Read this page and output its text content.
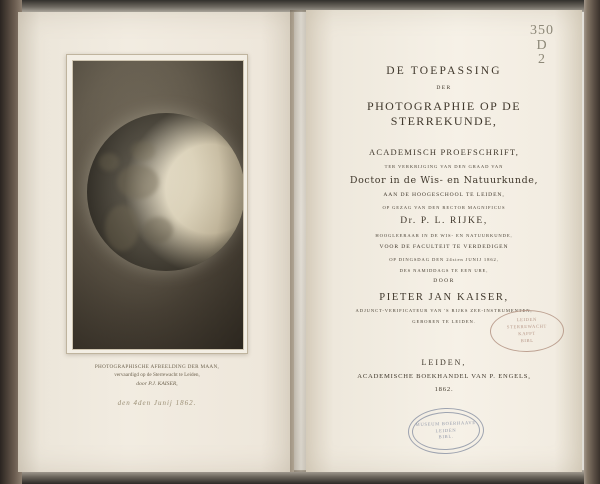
PHOTOGRAPHISCHE AFBEELDING DER MAAN,
vervaardigd op de Sterrewacht te Leiden,
door P.J. KAISER,
den 4den Junij 1862.
350
D
2
DE TOEPASSING
DER
PHOTOGRAPHIE OP DE STERREKUNDE,
ACADEMISCH PROEFSCHRIFT,
TER VERKRIJGING VAN DEN GRAAD VAN
Doctor in de Wis- en Natuurkunde,
AAN DE HOOGESCHOOL TE LEIDEN,
OP GEZAG VAN DEN RECTOR MAGNIFICUS
Dr. P. L. RIJKE,
HOOGLEERAAR IN DE WIS- EN NATUURKUNDE,
VOOR DE FACULTEIT TE VERDEDIGEN
OP DINGSDAG DEN 24sten JUNIJ 1862,
DES NAMIDDAGS TE EEN URE,
DOOR
PIETER JAN KAISER,
ADJUNCT-VERIFICATEUR VAN 'S RIJKS ZEE-INSTRUMENTEN,
GEBOREN TE LEIDEN.
LEIDEN,
ACADEMISCHE BOEKHANDEL VAN P. ENGELS,
1862.
LEIDEN
STERREWACHT
KAPPT
BIBL
MUSEUM BOERHAAVE
LEIDEN
BIBL.
